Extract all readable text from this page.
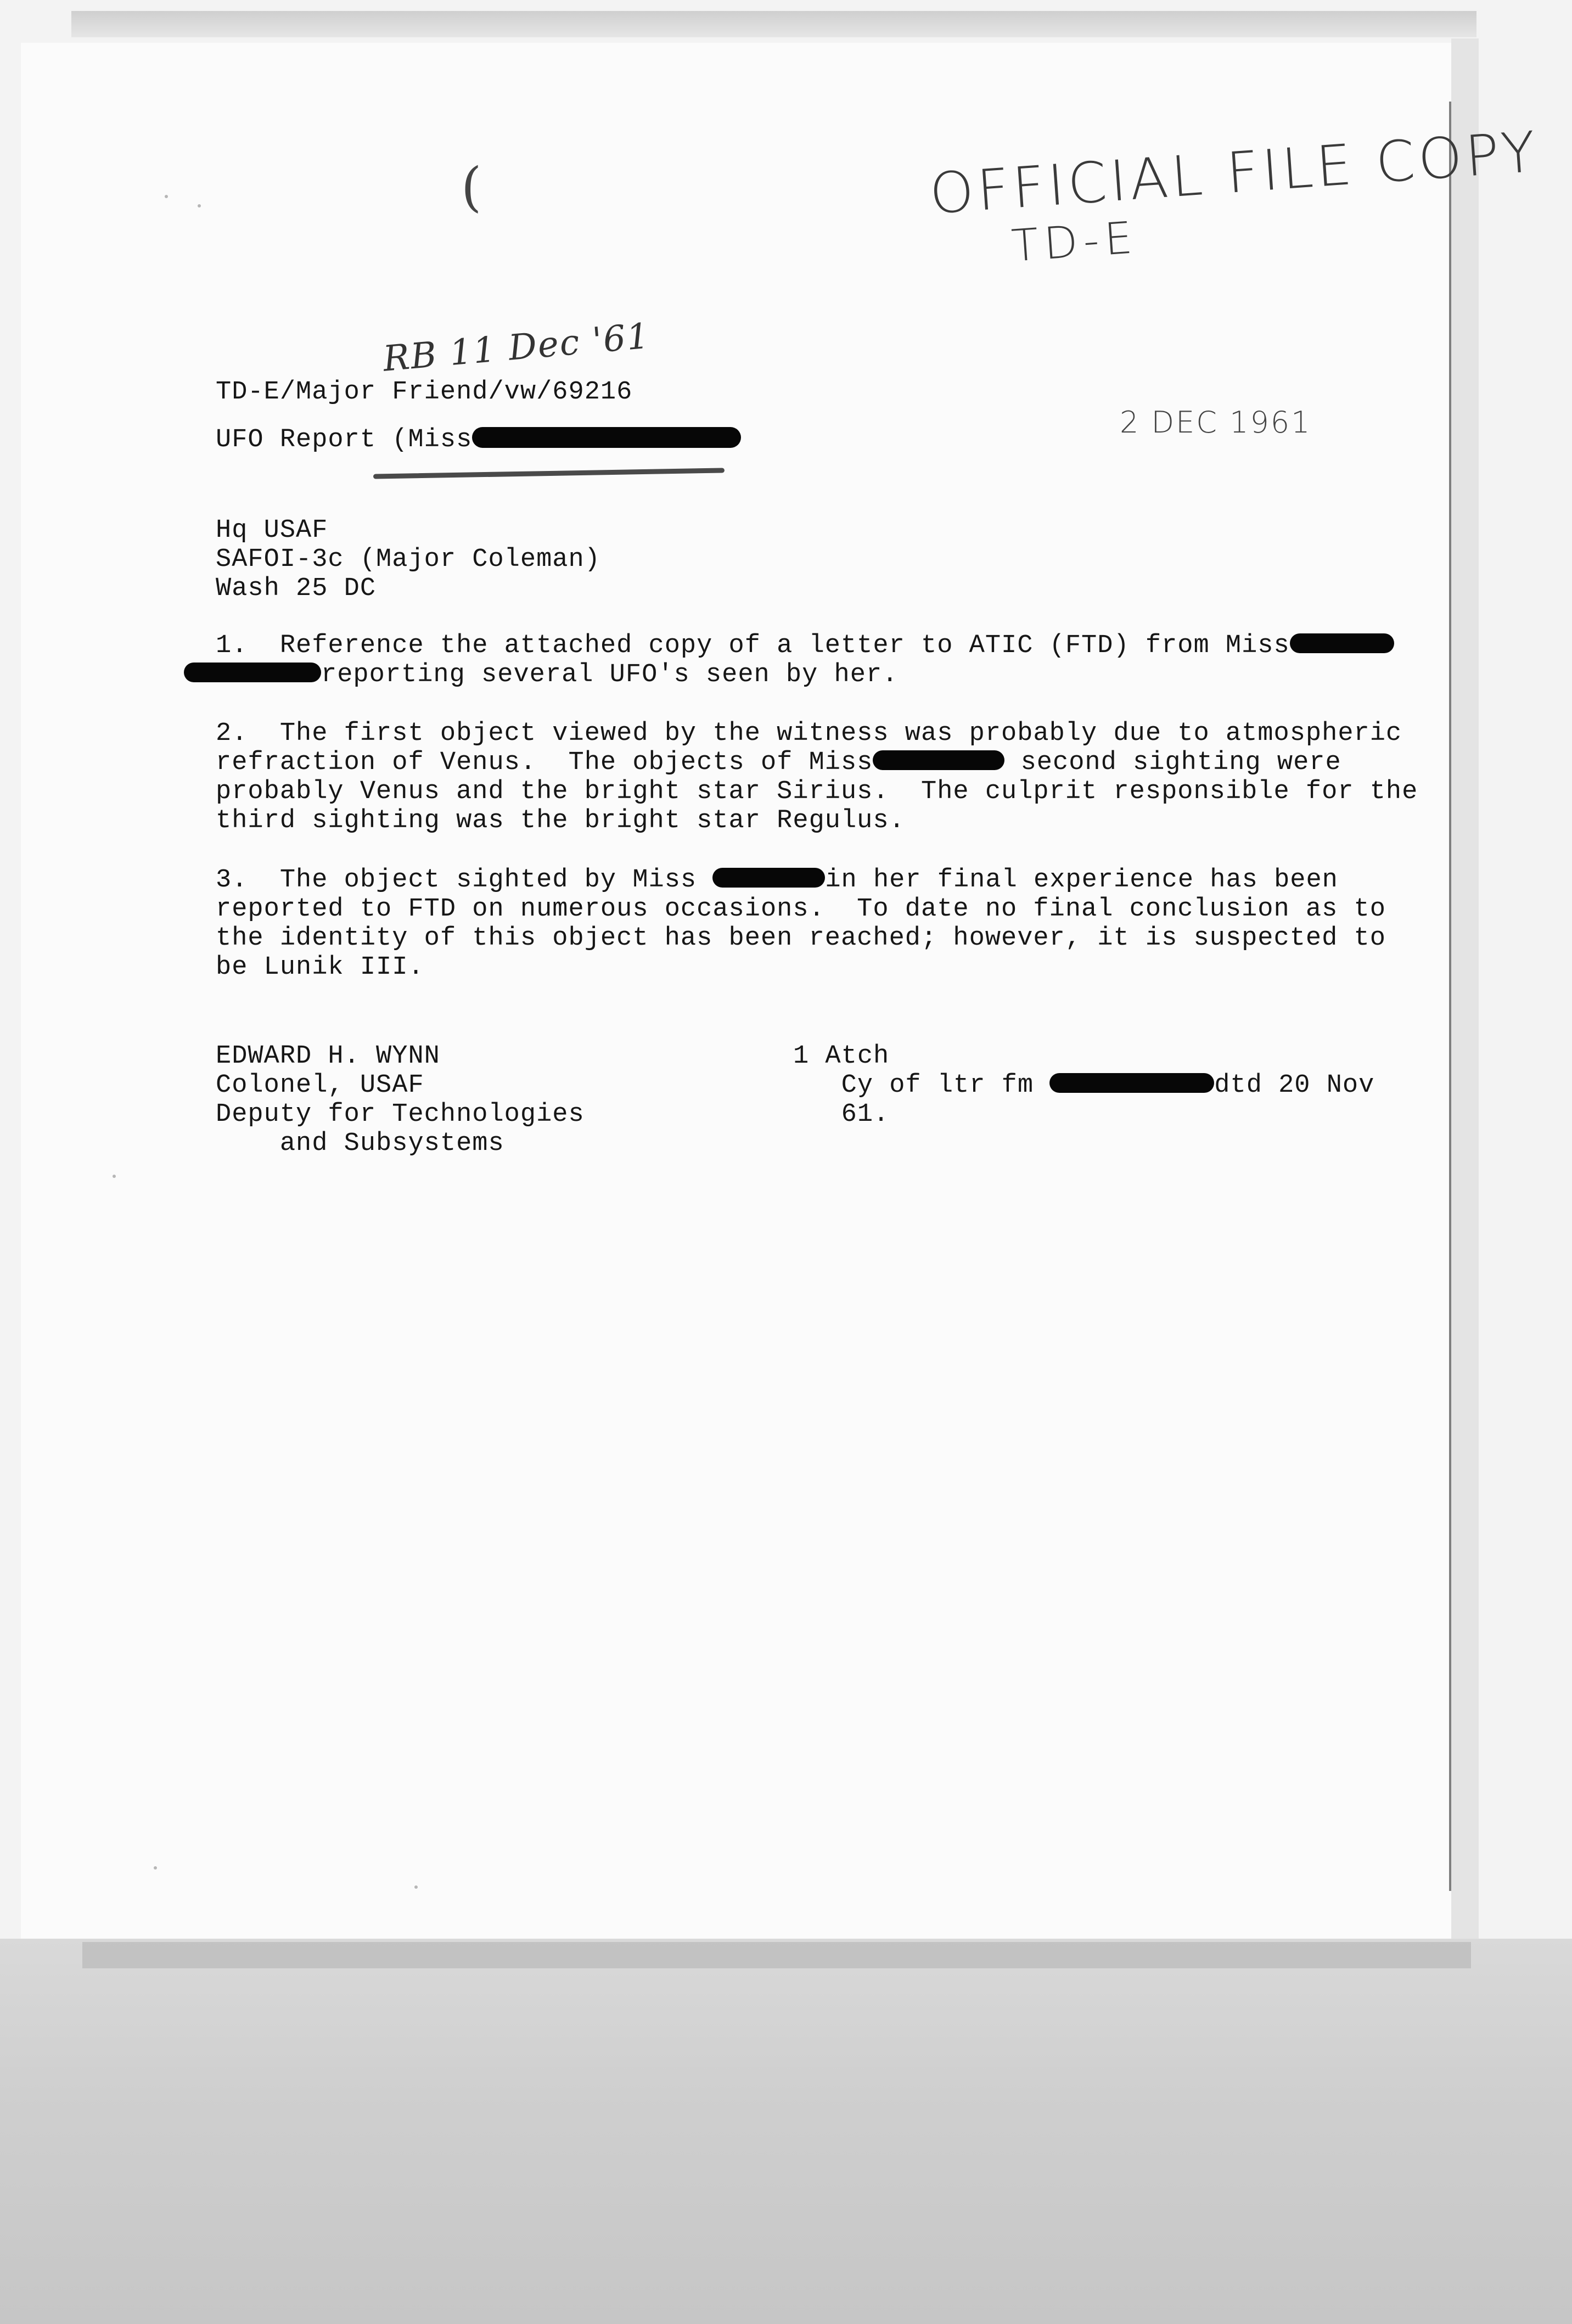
OFFICIAL FILE COPY
TD-E
(
RB 11 Dec '61
TD-E/Major Friend/vw/69216
UFO Report (Miss
2 DEC 1961
Hq USAF
SAFOI-3c (Major Coleman)
Wash 25 DC
1.  Reference the attached copy of a letter to ATIC (FTD) from Miss
reporting several UFO's seen by her.
2.  The first object viewed by the witness was probably due to atmospheric
refraction of Venus.  The objects of Miss	second sighting were
probably Venus and the bright star Sirius.  The culprit responsible for the
third sighting was the bright star Regulus.
3.  The object sighted by Miss	in her final experience has been
reported to FTD on numerous occasions.  To date no final conclusion as to
the identity of this object has been reached; however, it is suspected to
be Lunik III.
EDWARD H. WYNN
Colonel, USAF
Deputy for Technologies
and Subsystems
1 Atch
Cy of ltr fm	dtd 20 Nov
61.
